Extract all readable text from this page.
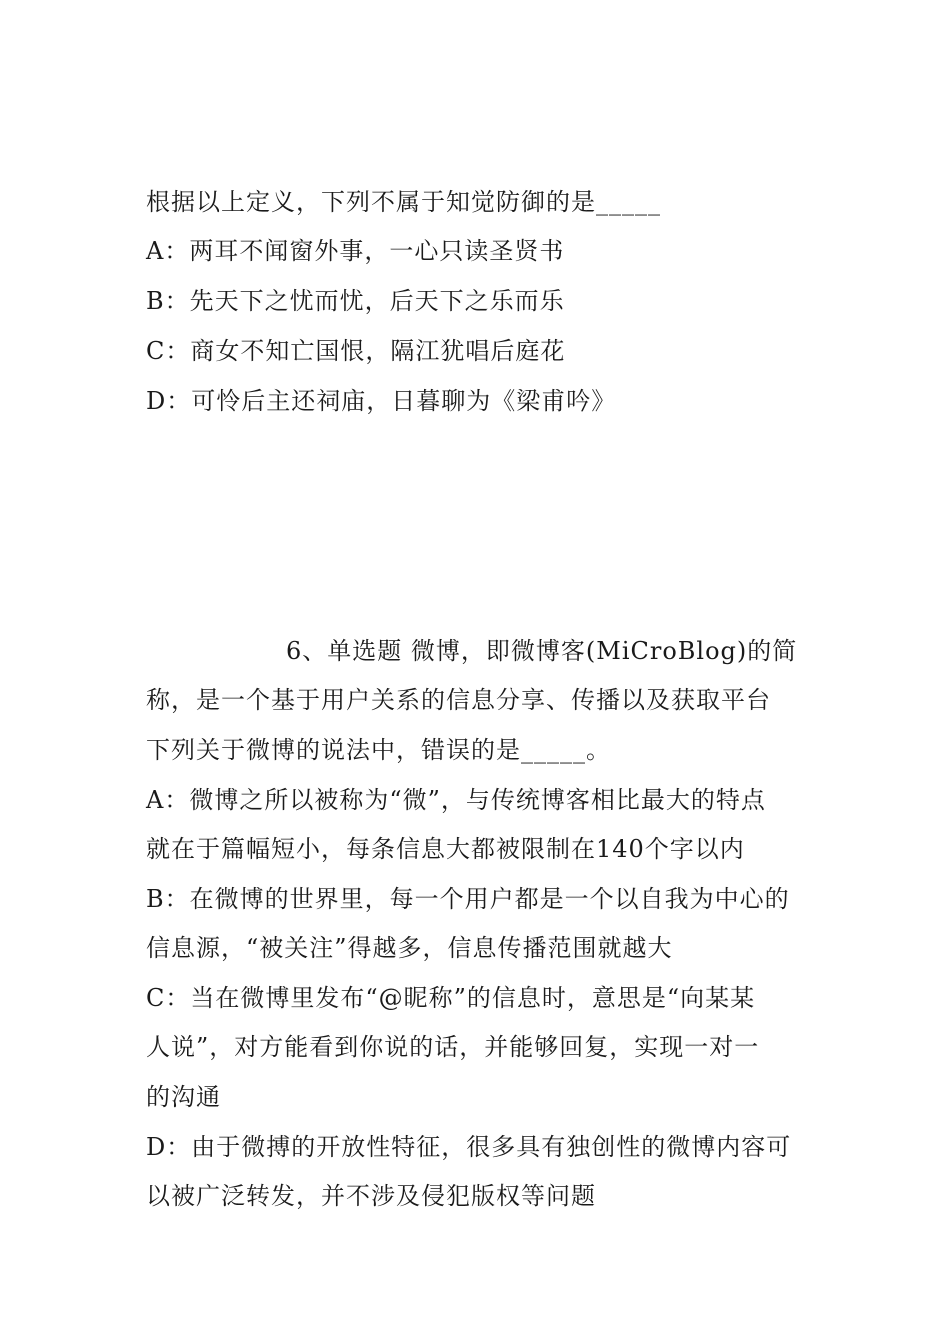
根据以上定义，下列不属于知觉防御的是_____
A：两耳不闻窗外事，一心只读圣贤书
B：先天下之忧而忧，后天下之乐而乐
C：商女不知亡国恨，隔江犹唱后庭花
D：可怜后主还祠庙，日暮聊为《梁甫吟》
6、单选题 微博，即微博客(MiCroBlog)的简
称，是一个基于用户关系的信息分享、传播以及获取平台
下列关于微博的说法中，错误的是_____。
A：微博之所以被称为“微”，与传统博客相比最大的特点
就在于篇幅短小，每条信息大都被限制在140个字以内
B：在微博的世界里，每一个用户都是一个以自我为中心的
信息源，“被关注”得越多，信息传播范围就越大
C：当在微博里发布“@昵称”的信息时，意思是“向某某
人说”，对方能看到你说的话，并能够回复，实现一对一
的沟通
D：由于微搏的开放性特征，很多具有独创性的微博内容可
以被广泛转发，并不涉及侵犯版权等问题
